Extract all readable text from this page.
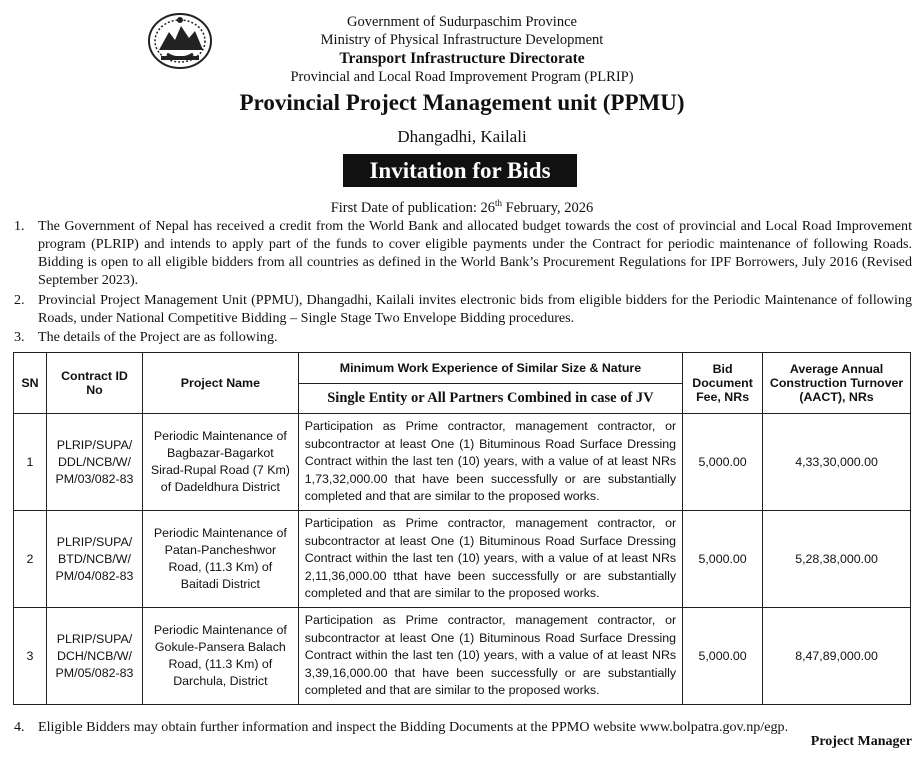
Government of Sudurpaschim Province
Ministry of Physical Infrastructure Development
Transport Infrastructure Directorate
Provincial and Local Road Improvement Program (PLRIP)
Provincial Project Management unit (PPMU)
Dhangadhi, Kailali
Invitation for Bids
First Date of publication: 26th February, 2026
1. The Government of Nepal has received a credit from the World Bank and allocated budget towards the cost of provincial and Local Road Improvement program (PLRIP) and intends to apply part of the funds to cover eligible payments under the Contract for periodic maintenance of following Roads. Bidding is open to all eligible bidders from all countries as defined in the World Bank’s Procurement Regulations for IPF Borrowers, July 2016 (Revised September 2023).
2. Provincial Project Management Unit (PPMU), Dhangadhi, Kailali invites electronic bids from eligible bidders for the Periodic Maintenance of following Roads, under National Competitive Bidding – Single Stage Two Envelope Bidding procedures.
3. The details of the Project are as following.
SN	Contract ID No	Project Name	Minimum Work Experience of Similar Size & Nature	Bid Document Fee, NRs	Average Annual Construction Turnover (AACT), NRs
			Single Entity or All Partners Combined in case of JV		
1	PLRIP/SUPA/ DDL/NCB/W/ PM/03/082-83	Periodic Maintenance of Bagbazar-Bagarkot Sirad-Rupal Road (7 Km) of Dadeldhura District	Participation as Prime contractor, management contractor, or subcontractor at least One (1) Bituminous Road Surface Dressing Contract within the last ten (10) years, with a value of at least NRs 1,73,32,000.00 that have been successfully or are substantially completed and that are similar to the proposed works.	5,000.00	4,33,30,000.00
2	PLRIP/SUPA/ BTD/NCB/W/ PM/04/082-83	Periodic Maintenance of Patan-Pancheshwor Road, (11.3 Km) of Baitadi District	Participation as Prime contractor, management contractor, or subcontractor at least One (1) Bituminous Road Surface Dressing Contract within the last ten (10) years, with a value of at least NRs 2,11,36,000.00 tthat have been successfully or are substantially completed and that are similar to the proposed works.	5,000.00	5,28,38,000.00
3	PLRIP/SUPA/ DCH/NCB/W/ PM/05/082-83	Periodic Maintenance of Gokule-Pansera Balach Road, (11.3 Km) of Darchula, District	Participation as Prime contractor, management contractor, or subcontractor at least One (1) Bituminous Road Surface Dressing Contract within the last ten (10) years, with a value of at least NRs 3,39,16,000.00 that have been successfully or are substantially completed and that are similar to the proposed works.	5,000.00	8,47,89,000.00
4. Eligible Bidders may obtain further information and inspect the Bidding Documents at the PPMO website www.bolpatra.gov.np/egp.
Project Manager
